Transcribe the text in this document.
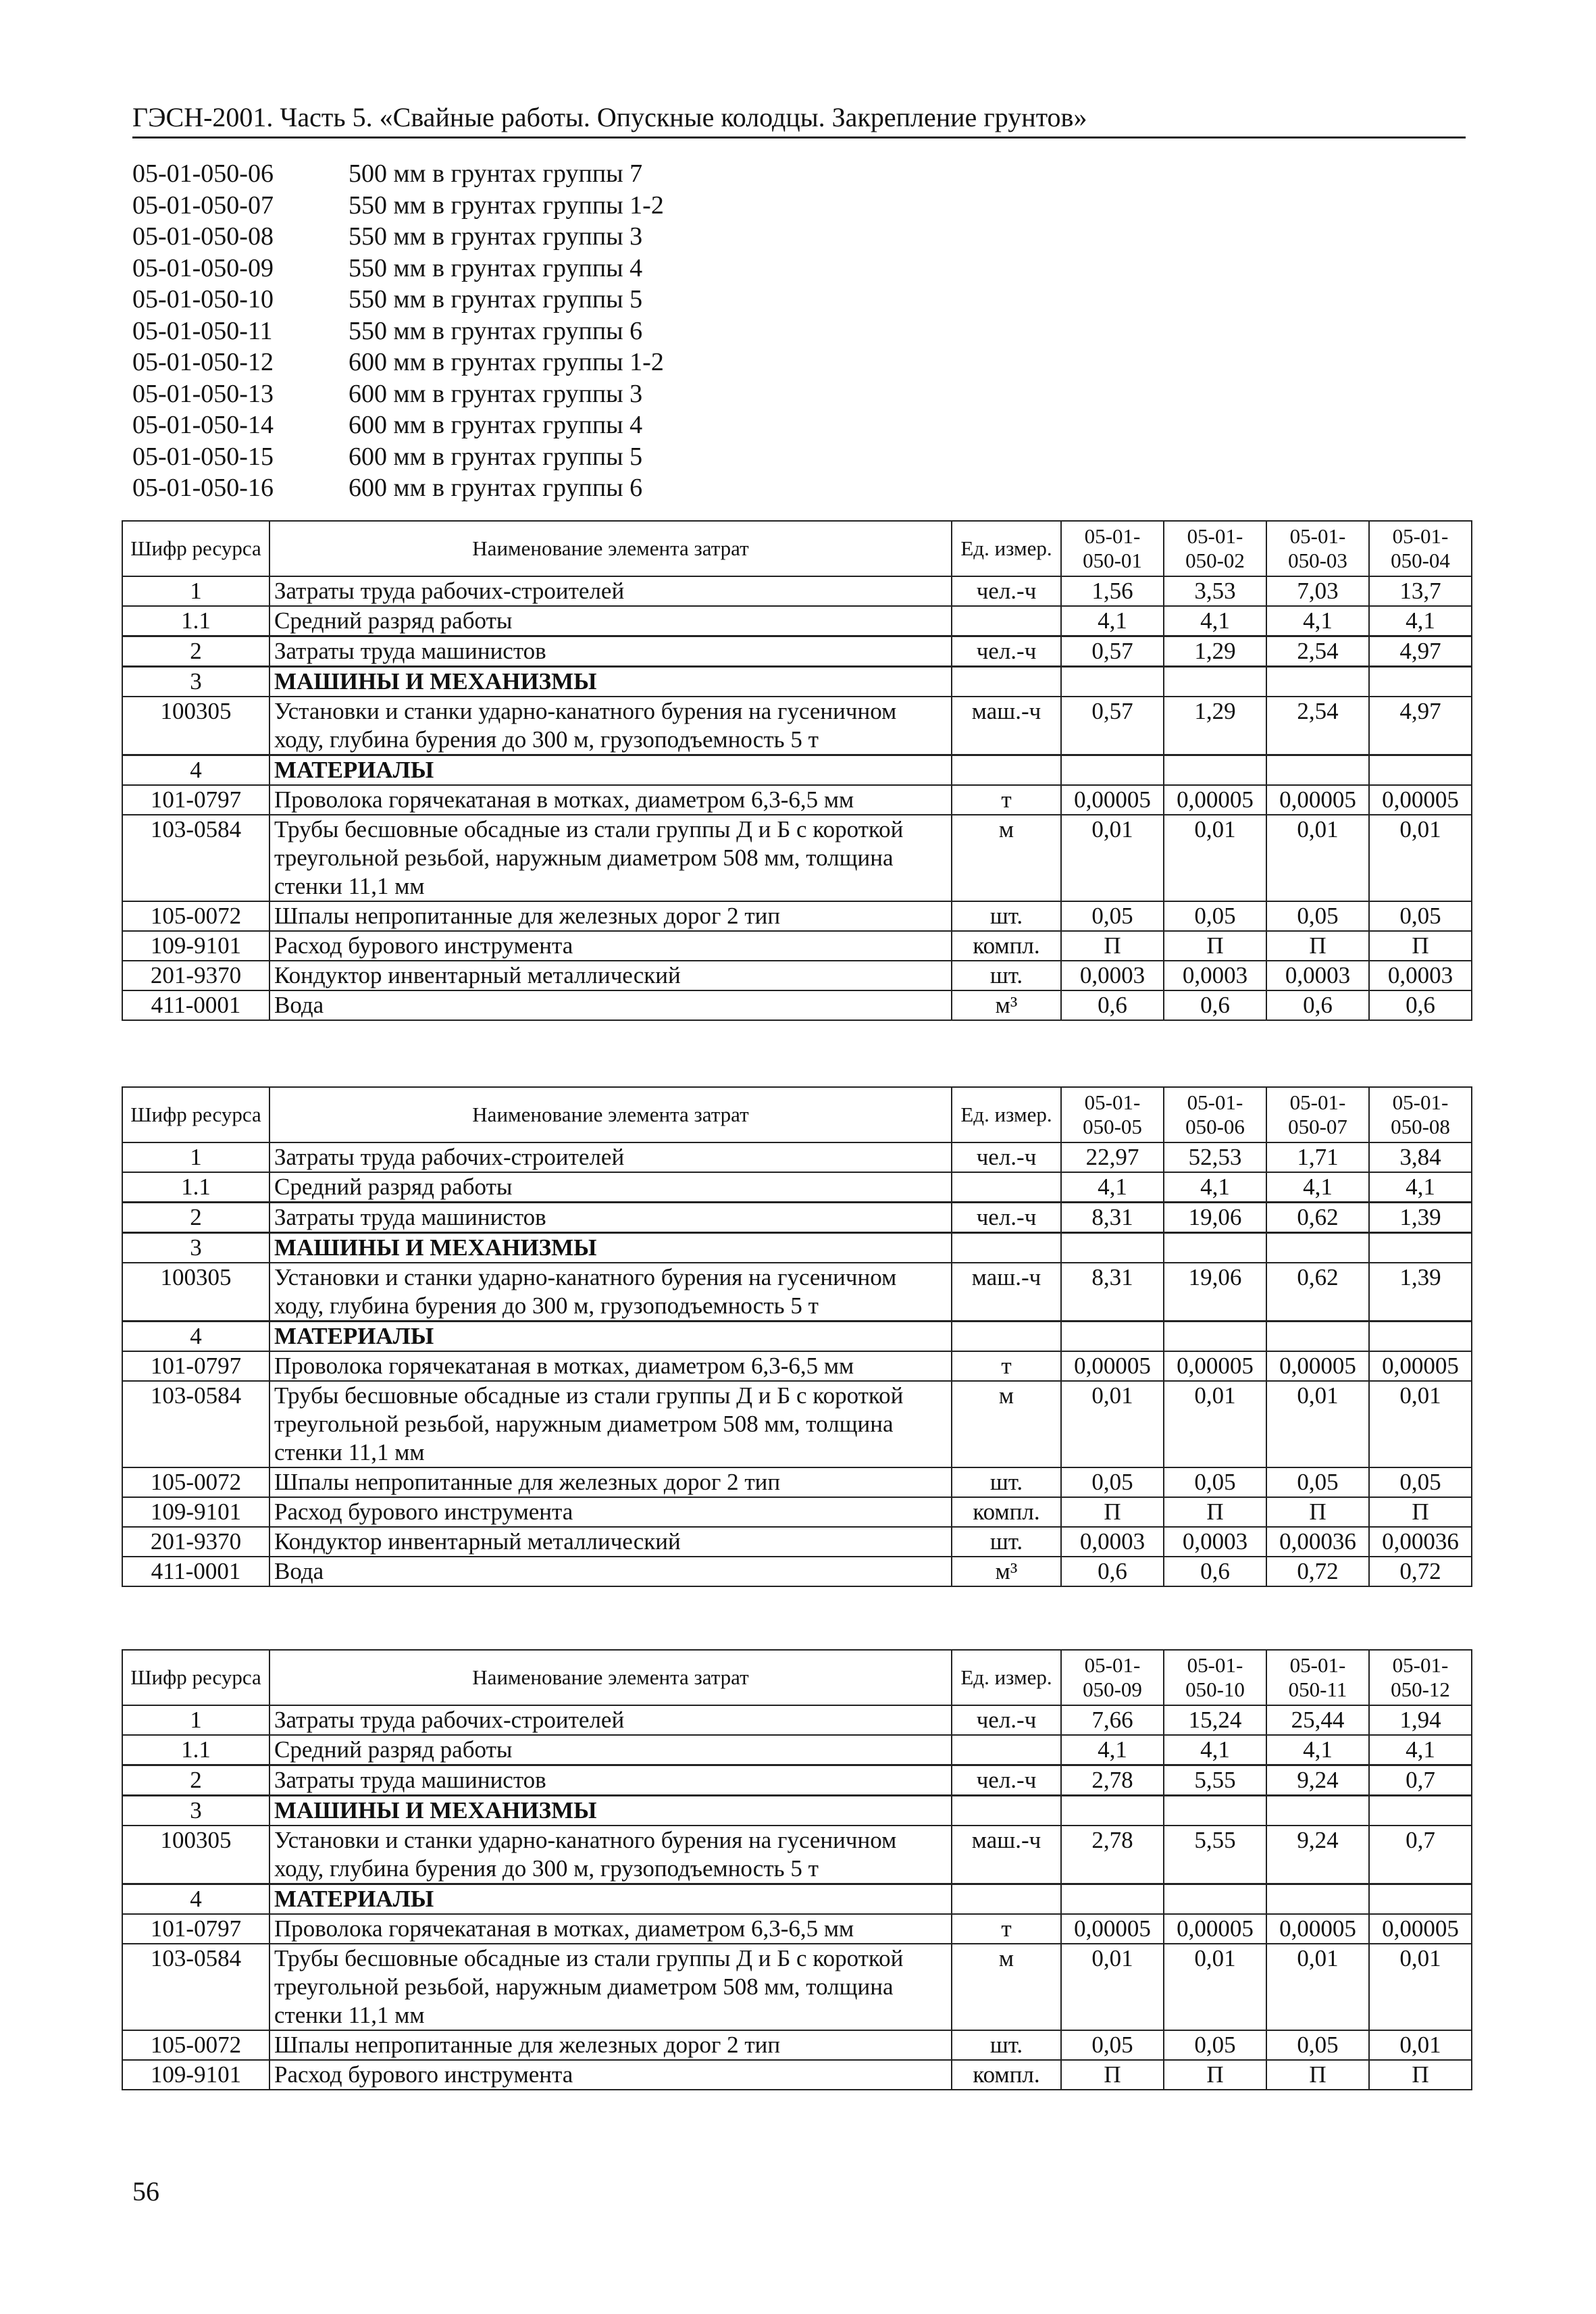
ГЭСН-2001. Часть 5. «Свайные работы. Опускные колодцы. Закрепление грунтов»
05-01-050-06	500 мм в грунтах группы 7
05-01-050-07	550 мм в грунтах группы 1-2
05-01-050-08	550 мм в грунтах группы 3
05-01-050-09	550 мм в грунтах группы 4
05-01-050-10	550 мм в грунтах группы 5
05-01-050-11	550 мм в грунтах группы 6
05-01-050-12	600 мм в грунтах группы 1-2
05-01-050-13	600 мм в грунтах группы 3
05-01-050-14	600 мм в грунтах группы 4
05-01-050-15	600 мм в грунтах группы 5
05-01-050-16	600 мм в грунтах группы 6
Шифр ресурса	Наименование элемента затрат	Ед. измер.	05-01-050-01	05-01-050-02	05-01-050-03	05-01-050-04
1	Затраты труда рабочих-строителей	чел.-ч	1,56	3,53	7,03	13,7
1.1	Средний разряд работы		4,1	4,1	4,1	4,1
2	Затраты труда машинистов	чел.-ч	0,57	1,29	2,54	4,97
3	МАШИНЫ И МЕХАНИЗМЫ					
100305	Установки и станки ударно-канатного бурения на гусеничном ходу, глубина бурения до 300 м, грузоподъемность 5 т	маш.-ч	0,57	1,29	2,54	4,97
4	МАТЕРИАЛЫ					
101-0797	Проволока горячекатаная в мотках, диаметром 6,3-6,5 мм	т	0,00005	0,00005	0,00005	0,00005
103-0584	Трубы бесшовные обсадные из стали группы Д и Б с короткой треугольной резьбой, наружным диаметром 508 мм, толщина стенки 11,1 мм	м	0,01	0,01	0,01	0,01
105-0072	Шпалы непропитанные для железных дорог 2 тип	шт.	0,05	0,05	0,05	0,05
109-9101	Расход бурового инструмента	компл.	П	П	П	П
201-9370	Кондуктор инвентарный металлический	шт.	0,0003	0,0003	0,0003	0,0003
411-0001	Вода	м³	0,6	0,6	0,6	0,6
Шифр ресурса	Наименование элемента затрат	Ед. измер.	05-01-050-05	05-01-050-06	05-01-050-07	05-01-050-08
1	Затраты труда рабочих-строителей	чел.-ч	22,97	52,53	1,71	3,84
1.1	Средний разряд работы		4,1	4,1	4,1	4,1
2	Затраты труда машинистов	чел.-ч	8,31	19,06	0,62	1,39
3	МАШИНЫ И МЕХАНИЗМЫ					
100305	Установки и станки ударно-канатного бурения на гусеничном ходу, глубина бурения до 300 м, грузоподъемность 5 т	маш.-ч	8,31	19,06	0,62	1,39
4	МАТЕРИАЛЫ					
101-0797	Проволока горячекатаная в мотках, диаметром 6,3-6,5 мм	т	0,00005	0,00005	0,00005	0,00005
103-0584	Трубы бесшовные обсадные из стали группы Д и Б с короткой треугольной резьбой, наружным диаметром 508 мм, толщина стенки 11,1 мм	м	0,01	0,01	0,01	0,01
105-0072	Шпалы непропитанные для железных дорог 2 тип	шт.	0,05	0,05	0,05	0,05
109-9101	Расход бурового инструмента	компл.	П	П	П	П
201-9370	Кондуктор инвентарный металлический	шт.	0,0003	0,0003	0,00036	0,00036
411-0001	Вода	м³	0,6	0,6	0,72	0,72
Шифр ресурса	Наименование элемента затрат	Ед. измер.	05-01-050-09	05-01-050-10	05-01-050-11	05-01-050-12
1	Затраты труда рабочих-строителей	чел.-ч	7,66	15,24	25,44	1,94
1.1	Средний разряд работы		4,1	4,1	4,1	4,1
2	Затраты труда машинистов	чел.-ч	2,78	5,55	9,24	0,7
3	МАШИНЫ И МЕХАНИЗМЫ					
100305	Установки и станки ударно-канатного бурения на гусеничном ходу, глубина бурения до 300 м, грузоподъемность 5 т	маш.-ч	2,78	5,55	9,24	0,7
4	МАТЕРИАЛЫ					
101-0797	Проволока горячекатаная в мотках, диаметром 6,3-6,5 мм	т	0,00005	0,00005	0,00005	0,00005
103-0584	Трубы бесшовные обсадные из стали группы Д и Б с короткой треугольной резьбой, наружным диаметром 508 мм, толщина стенки 11,1 мм	м	0,01	0,01	0,01	0,01
105-0072	Шпалы непропитанные для железных дорог 2 тип	шт.	0,05	0,05	0,05	0,01
109-9101	Расход бурового инструмента	компл.	П	П	П	П
56
